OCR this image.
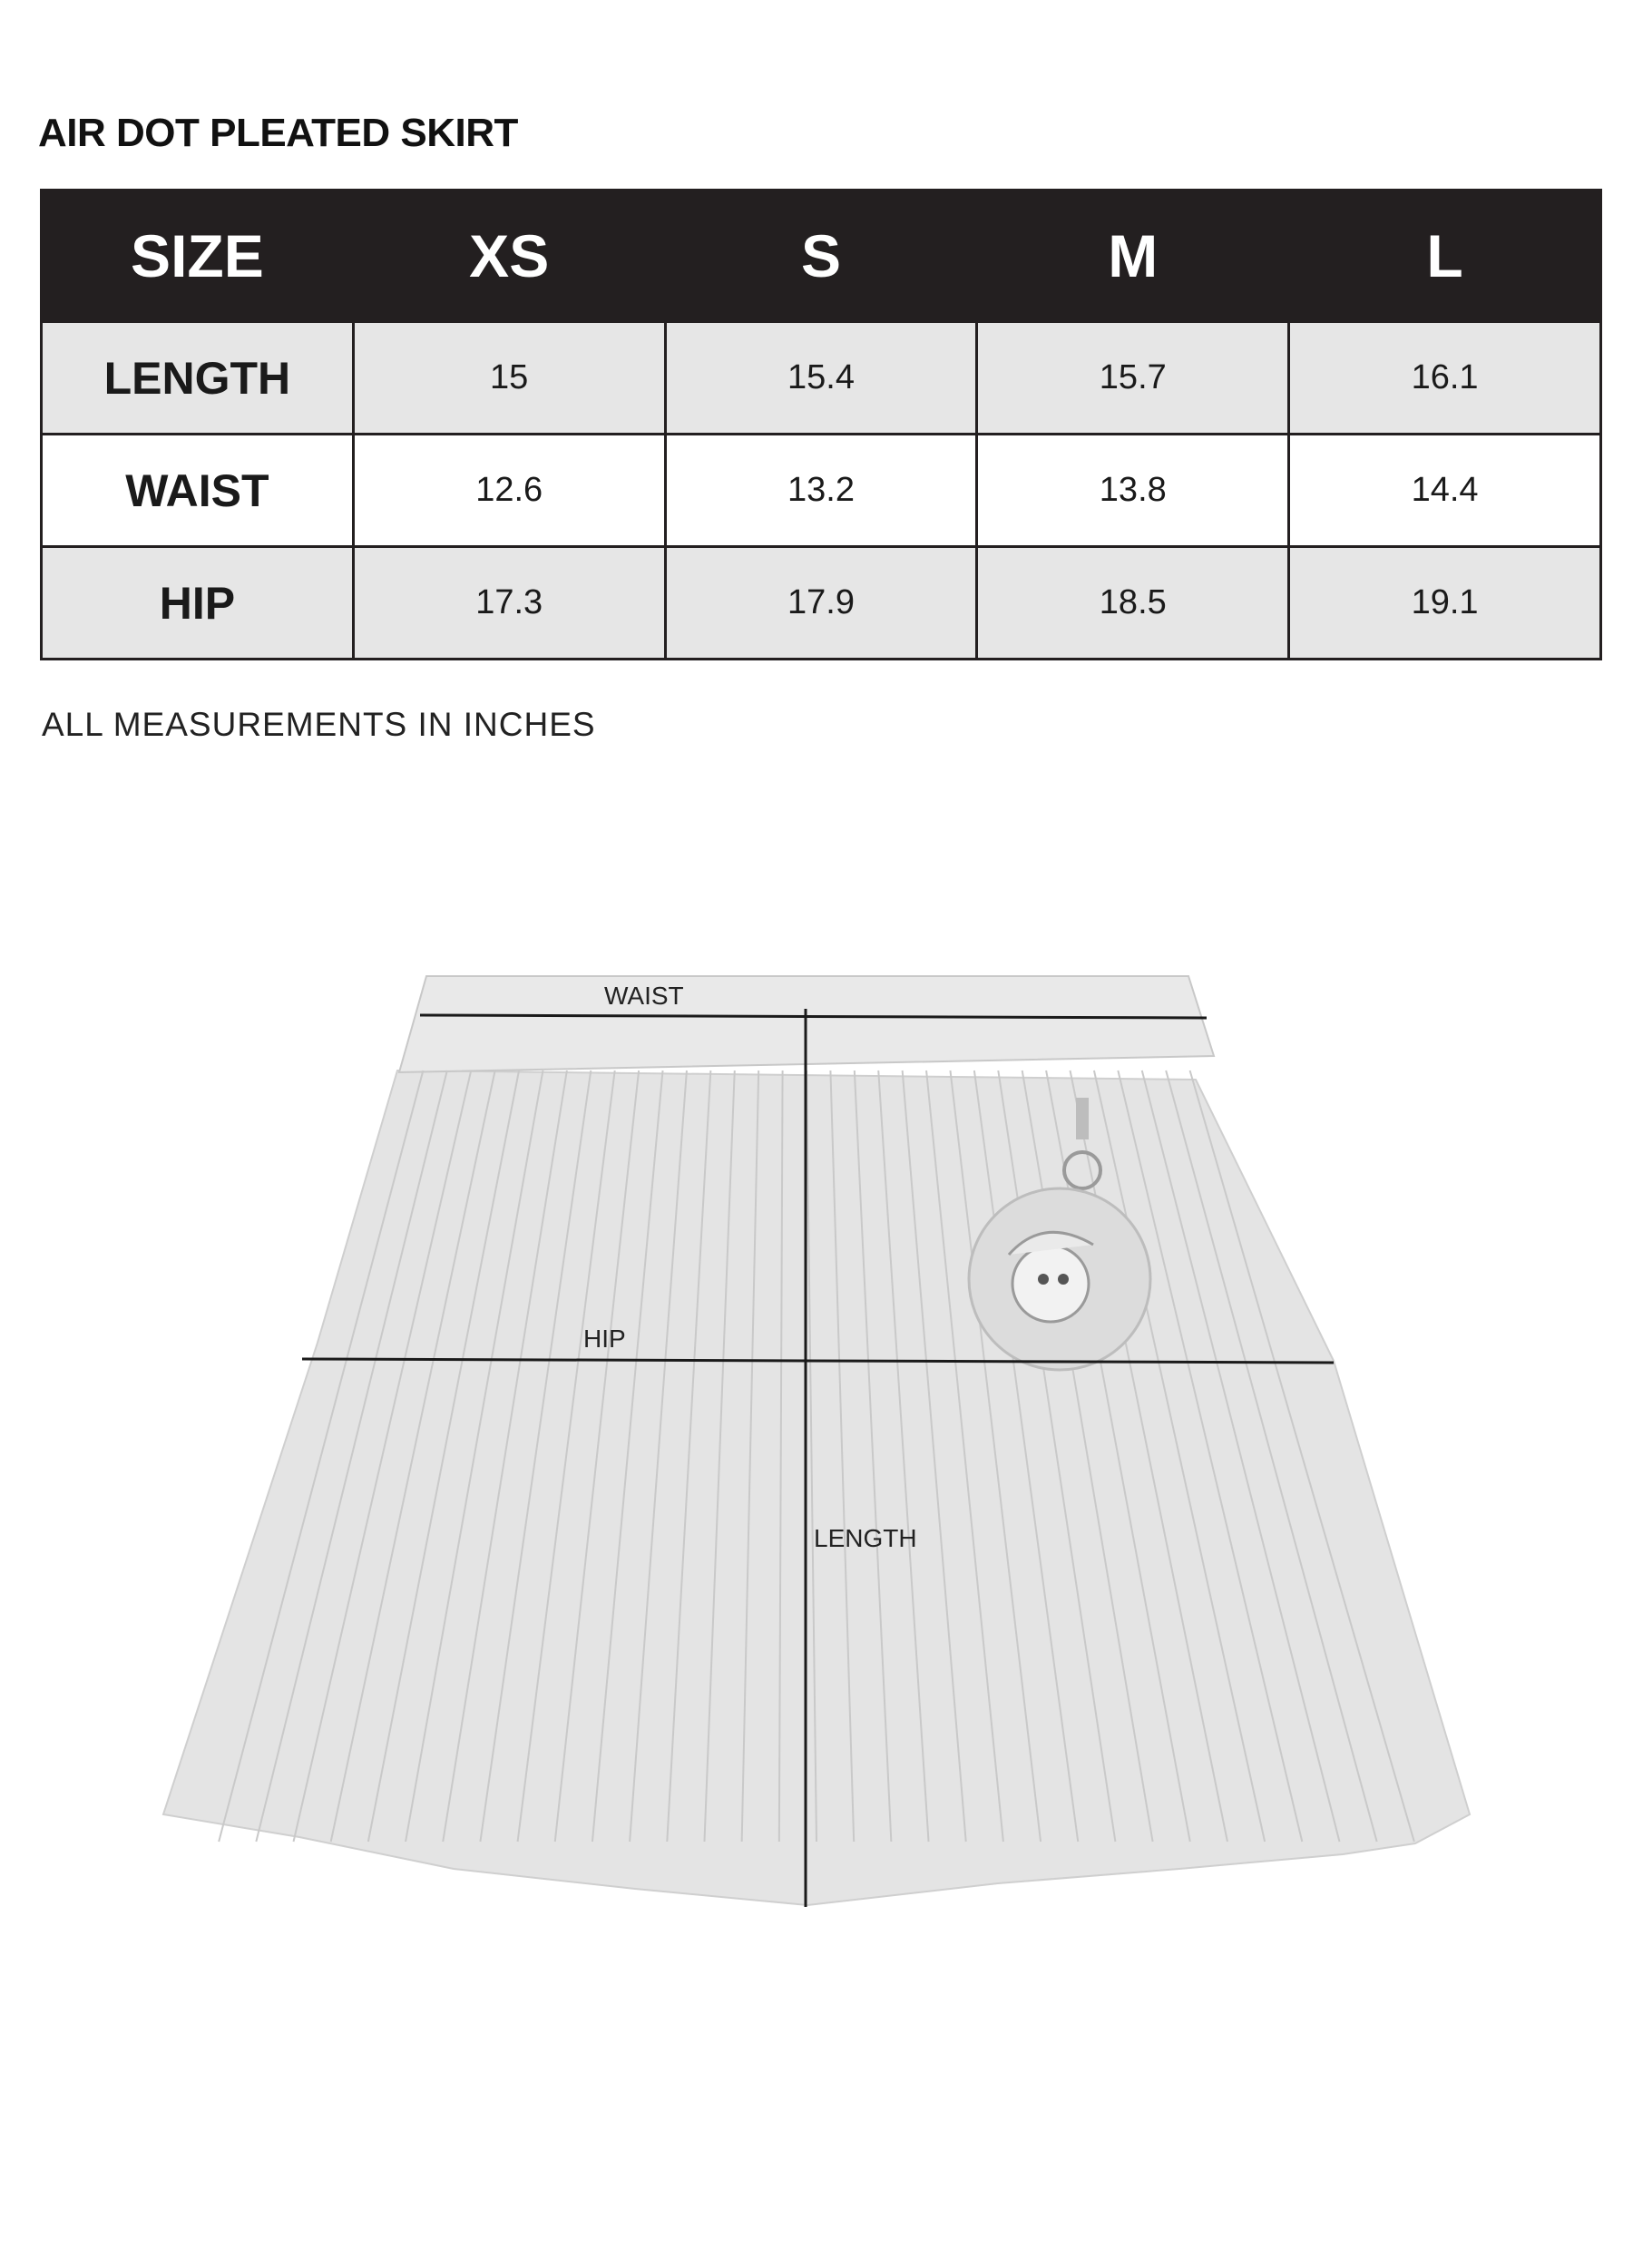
AIR DOT PLEATED SKIRT
SIZE	XS	S	M	L
LENGTH	15	15.4	15.7	16.1
WAIST	12.6	13.2	13.8	14.4
HIP	17.3	17.9	18.5	19.1
ALL MEASUREMENTS IN INCHES
WAIST
HIP
LENGTH
